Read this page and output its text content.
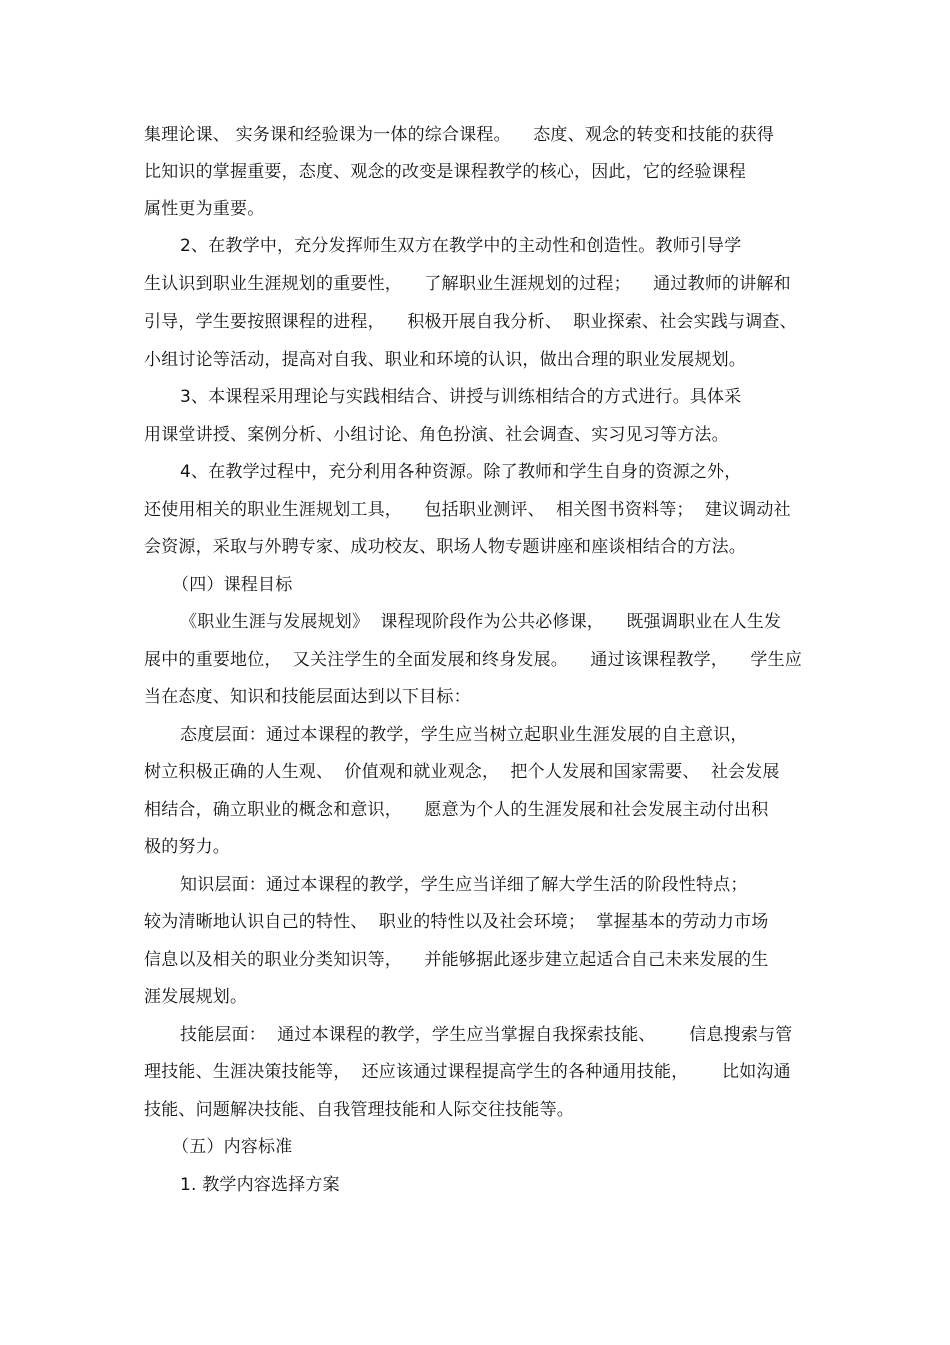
集理论课、 实务课和经验课为一体的综合课程。    态度、观念的转变和技能的获得
比知识的掌握重要，态度、观念的改变是课程教学的核心，因此，它的经验课程
属性更为重要。
2、在教学中，充分发挥师生双方在教学中的主动性和创造性。教师引导学
生认识到职业生涯规划的重要性，    了解职业生涯规划的过程；    通过教师的讲解和
引导，学生要按照课程的进程，    积极开展自我分析、  职业探索、社会实践与调查、
小组讨论等活动，提高对自我、职业和环境的认识，做出合理的职业发展规划。
3、本课程采用理论与实践相结合、讲授与训练相结合的方式进行。具体采
用课堂讲授、案例分析、小组讨论、角色扮演、社会调查、实习见习等方法。
4、在教学过程中，充分利用各种资源。除了教师和学生自身的资源之外，
还使用相关的职业生涯规划工具，    包括职业测评、  相关图书资料等；  建议调动社
会资源，采取与外聘专家、成功校友、职场人物专题讲座和座谈相结合的方法。
（四）课程目标
《职业生涯与发展规划》  课程现阶段作为公共必修课，    既强调职业在人生发
展中的重要地位，  又关注学生的全面发展和终身发展。    通过该课程教学，    学生应
当在态度、知识和技能层面达到以下目标：
态度层面：通过本课程的教学，学生应当树立起职业生涯发展的自主意识，
树立积极正确的人生观、  价值观和就业观念，  把个人发展和国家需要、  社会发展
相结合，确立职业的概念和意识，    愿意为个人的生涯发展和社会发展主动付出积
极的努力。
知识层面：通过本课程的教学，学生应当详细了解大学生活的阶段性特点；
较为清晰地认识自己的特性、  职业的特性以及社会环境；  掌握基本的劳动力市场
信息以及相关的职业分类知识等，    并能够据此逐步建立起适合自己未来发展的生
涯发展规划。
技能层面：  通过本课程的教学，学生应当掌握自我探索技能、      信息搜索与管
理技能、生涯决策技能等，  还应该通过课程提高学生的各种通用技能，      比如沟通
技能、问题解决技能、自我管理技能和人际交往技能等。
（五）内容标准
1. 教学内容选择方案
